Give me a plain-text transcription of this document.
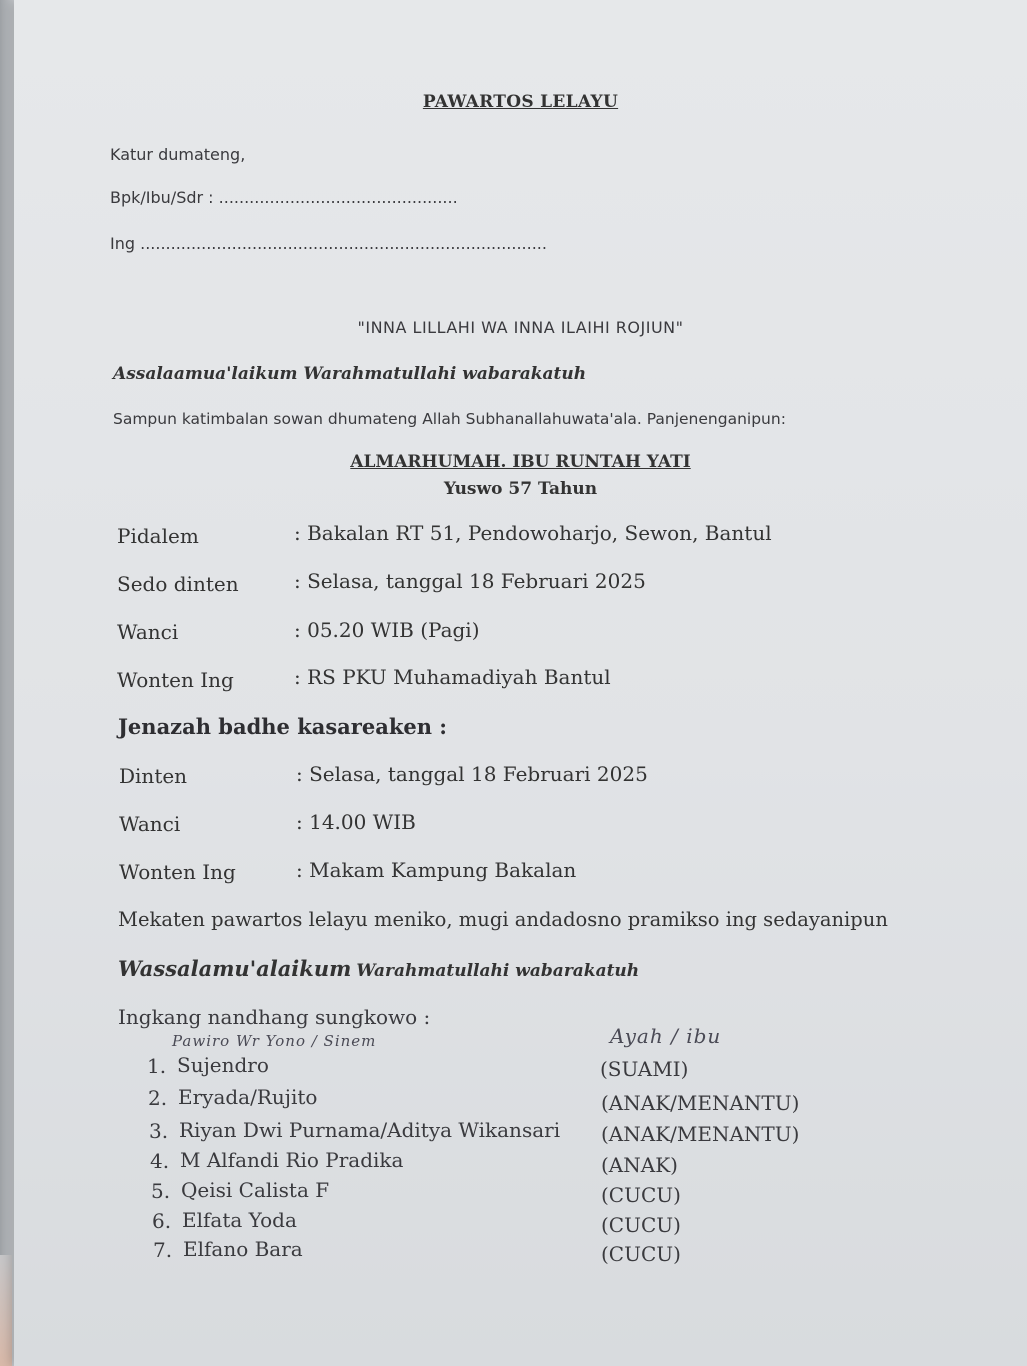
PAWARTOS LELAYU
Katur dumateng,
Bpk/Ibu/Sdr : ...............................................
Ing ................................................................................
"INNA LILLAHI WA INNA ILAIHI ROJIUN"
Assalaamua'laikum Warahmatullahi wabarakatuh
Sampun katimbalan sowan dhumateng Allah Subhanallahuwata'ala. Panjenenganipun:
ALMARHUMAH. IBU RUNTAH YATI
Yuswo 57 Tahun
Pidalem	: Bakalan RT 51, Pendowoharjo, Sewon, Bantul
Sedo dinten	: Selasa, tanggal 18 Februari 2025
Wanci	: 05.20 WIB (Pagi)
Wonten Ing	: RS PKU Muhamadiyah Bantul
Jenazah badhe kasareaken :
Dinten	: Selasa, tanggal 18 Februari 2025
Wanci	: 14.00 WIB
Wonten Ing	: Makam Kampung Bakalan
Mekaten pawartos lelayu meniko, mugi andadosno pramikso ing sedayanipun
Wassalamu'alaikum Warahmatullahi wabarakatuh
Ingkang nandhang sungkowo :
Pawiro Wr Yono / Sinem	Ayah / ibu
1. Sujendro	(SUAMI)
2. Eryada/Rujito	(ANAK/MENANTU)
3. Riyan Dwi Purnama/Aditya Wikansari (ANAK/MENANTU)
4. M Alfandi Rio Pradika	(ANAK)
5. Qeisi Calista F	(CUCU)
6. Elfata Yoda	(CUCU)
7. Elfano Bara	(CUCU)
